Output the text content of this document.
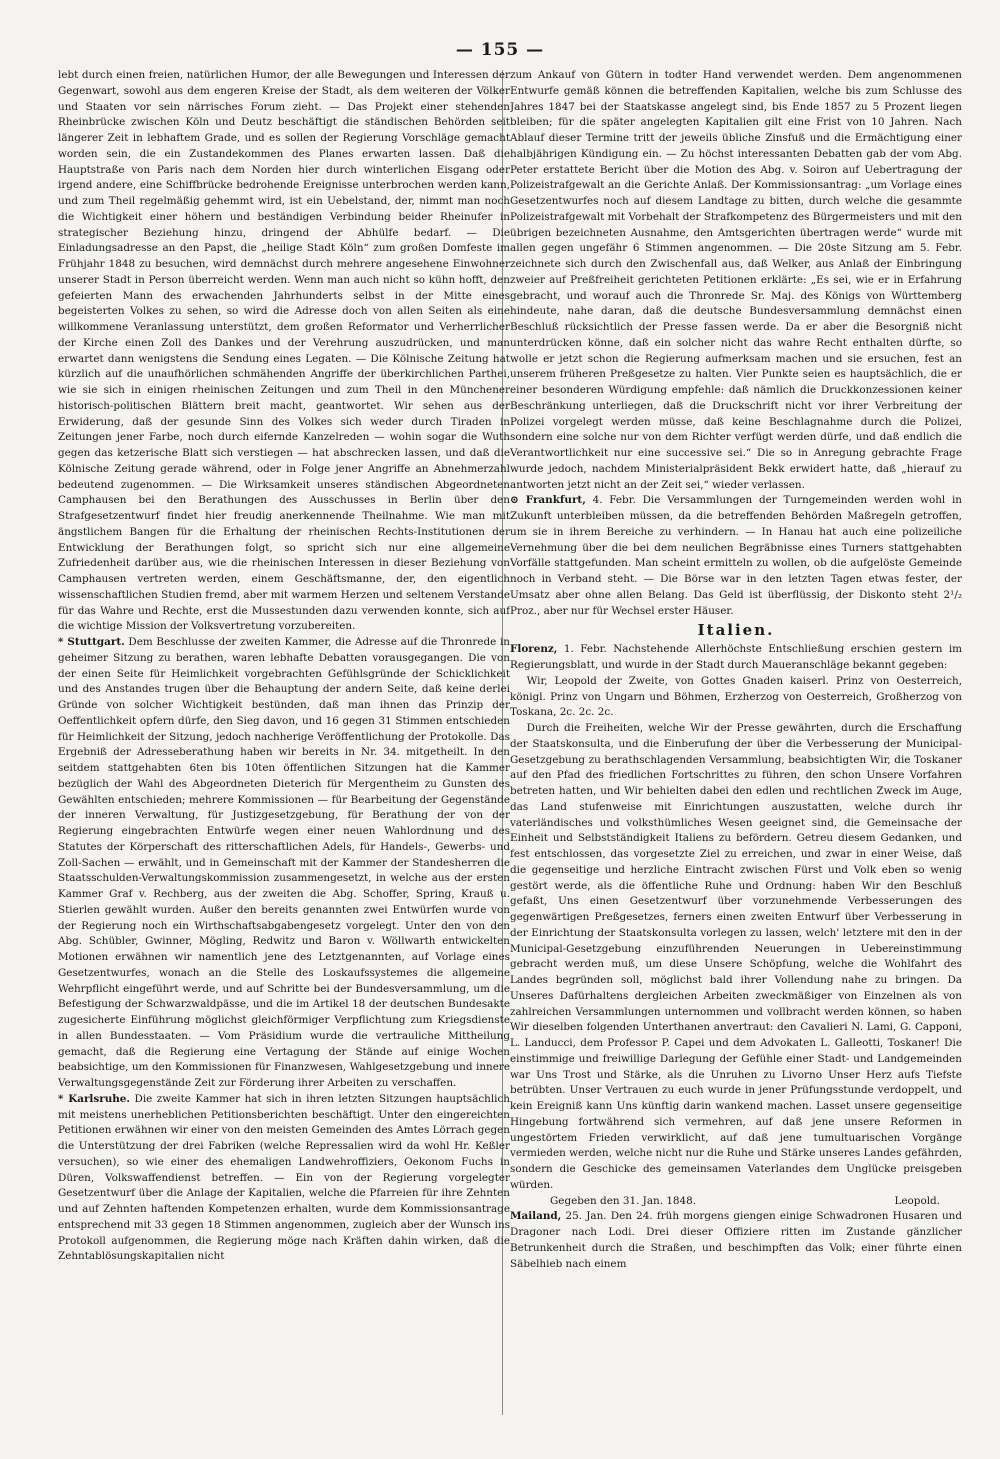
— 155 —

lebt durch einen freien, natürlichen Humor, der alle Bewegungen und Interessen der Gegenwart, sowohl aus dem engeren Kreise der Stadt, als dem weiteren der Völker und Staaten vor sein närrisches Forum zieht. — Das Projekt einer stehenden Rheinbrücke zwischen Köln und Deutz beschäftigt die ständischen Behörden seit längerer Zeit in lebhaftem Grade, und es sollen der Regierung Vorschläge gemacht worden sein, die ein Zustandekommen des Planes erwarten lassen. Daß die Hauptstraße von Paris nach dem Norden hier durch winterlichen Eisgang oder irgend andere, eine Schiffbrücke bedrohende Ereignisse unterbrochen werden kann, und zum Theil regelmäßig gehemmt wird, ist ein Uebelstand, der, nimmt man noch die Wichtigkeit einer höhern und beständigen Verbindung beider Rheinufer in strategischer Beziehung hinzu, dringend der Abhülfe bedarf. — Die Einladungsadresse an den Papst, die „heilige Stadt Köln“ zum großen Domfeste im Frühjahr 1848 zu besuchen, wird demnächst durch mehrere angesehene Einwohner unserer Stadt in Person überreicht werden. Wenn man auch nicht so kühn hofft, den gefeierten Mann des erwachenden Jahrhunderts selbst in der Mitte eines begeisterten Volkes zu sehen, so wird die Adresse doch von allen Seiten als eine willkommene Veranlassung unterstützt, dem großen Reformator und Verherrlicher der Kirche einen Zoll des Dankes und der Verehrung auszudrücken, und man erwartet dann wenigstens die Sendung eines Legaten. — Die Kölnische Zeitung hat kürzlich auf die unaufhörlichen schmähenden Angriffe der überkirchlichen Parthei, wie sie sich in einigen rheinischen Zeitungen und zum Theil in den Münchener historisch-politischen Blättern breit macht, geantwortet. Wir sehen aus der Erwiderung, daß der gesunde Sinn des Volkes sich weder durch Tiraden in Zeitungen jener Farbe, noch durch eifernde Kanzelreden — wohin sogar die Wuth gegen das ketzerische Blatt sich verstiegen — hat abschrecken lassen, und daß die Kölnische Zeitung gerade während, oder in Folge jener Angriffe an Abnehmerzahl bedeutend zugenommen. — Die Wirksamkeit unseres ständischen Abgeordneten Camphausen bei den Berathungen des Ausschusses in Berlin über den Strafgesetzentwurf findet hier freudig anerkennende Theilnahme. Wie man mit ängstlichem Bangen für die Erhaltung der rheinischen Rechts-Institutionen der Entwicklung der Berathungen folgt, so spricht sich nur eine allgemeine Zufriedenheit darüber aus, wie die rheinischen Interessen in dieser Beziehung von Camphausen vertreten werden, einem Geschäftsmanne, der, den eigentlich wissenschaftlichen Studien fremd, aber mit warmem Herzen und seltenem Verstande für das Wahre und Rechte, erst die Mussestunden dazu verwenden konnte, sich auf die wichtige Mission der Volksvertretung vorzubereiten.

* Stuttgart. Dem Beschlusse der zweiten Kammer, die Adresse auf die Thronrede in geheimer Sitzung zu berathen, waren lebhafte Debatten vorausgegangen. Die von der einen Seite für Heimlichkeit vorgebrachten Gefühlsgründe der Schicklichkeit und des Anstandes trugen über die Behauptung der andern Seite, daß keine derlei Gründe von solcher Wichtigkeit bestünden, daß man ihnen das Prinzip der Oeffentlichkeit opfern dürfe, den Sieg davon, und 16 gegen 31 Stimmen entschieden für Heimlichkeit der Sitzung, jedoch nachherige Veröffentlichung der Protokolle. Das Ergebniß der Adresseberathung haben wir bereits in Nr. 34. mitgetheilt. In den seitdem stattgehabten 6ten bis 10ten öffentlichen Sitzungen hat die Kammer bezüglich der Wahl des Abgeordneten Dieterich für Mergentheim zu Gunsten des Gewählten entschieden; mehrere Kommissionen — für Bearbeitung der Gegenstände der inneren Verwaltung, für Justizgesetzgebung, für Berathung der von der Regierung eingebrachten Entwürfe wegen einer neuen Wahlordnung und des Statutes der Körperschaft des ritterschaftlichen Adels, für Handels-, Gewerbs- und Zoll-Sachen — erwählt, und in Gemeinschaft mit der Kammer der Standesherren die Staatsschulden-Verwaltungskommission zusammengesetzt, in welche aus der ersten Kammer Graf v. Rechberg, aus der zweiten die Abg. Schoffer, Spring, Krauß u. Stierlen gewählt wurden. Außer den bereits genannten zwei Entwürfen wurde von der Regierung noch ein Wirthschaftsabgabengesetz vorgelegt. Unter den von den Abg. Schübler, Gwinner, Mögling, Redwitz und Baron v. Wöllwarth entwickelten Motionen erwähnen wir namentlich jene des Letztgenannten, auf Vorlage eines Gesetzentwurfes, wonach an die Stelle des Loskaufssystemes die allgemeine Wehrpflicht eingeführt werde, und auf Schritte bei der Bundesversammlung, um die Befestigung der Schwarzwaldpässe, und die im Artikel 18 der deutschen Bundesakte zugesicherte Einführung möglichst gleichförmiger Verpflichtung zum Kriegsdienste in allen Bundesstaaten. — Vom Präsidium wurde die vertrauliche Mittheilung gemacht, daß die Regierung eine Vertagung der Stände auf einige Wochen beabsichtige, um den Kommissionen für Finanzwesen, Wahlgesetzgebung und innere Verwaltungsgegenstände Zeit zur Förderung ihrer Arbeiten zu verschaffen.

* Karlsruhe. Die zweite Kammer hat sich in ihren letzten Sitzungen hauptsächlich mit meistens unerheblichen Petitionsberichten beschäftigt. Unter den eingereichten Petitionen erwähnen wir einer von den meisten Gemeinden des Amtes Lörrach gegen die Unterstützung der drei Fabriken (welche Repressalien wird da wohl Hr. Keßler versuchen), so wie einer des ehemaligen Landwehroffiziers, Oekonom Fuchs in Düren, Volkswaffendienst betreffen. — Ein von der Regierung vorgelegter Gesetzentwurf über die Anlage der Kapitalien, welche die Pfarreien für ihre Zehnten und auf Zehnten haftenden Kompetenzen erhalten, wurde dem Kommissionsantrage entsprechend mit 33 gegen 18 Stimmen angenommen, zugleich aber der Wunsch ins Protokoll aufgenommen, die Regierung möge nach Kräften dahin wirken, daß die Zehntablösungskapitalien nicht

zum Ankauf von Gütern in todter Hand verwendet werden. Dem angenommenen Entwurfe gemäß können die betreffenden Kapitalien, welche bis zum Schlusse des Jahres 1847 bei der Staatskasse angelegt sind, bis Ende 1857 zu 5 Prozent liegen bleiben; für die später angelegten Kapitalien gilt eine Frist von 10 Jahren. Nach Ablauf dieser Termine tritt der jeweils übliche Zinsfuß und die Ermächtigung einer halbjährigen Kündigung ein. — Zu höchst interessanten Debatten gab der vom Abg. Peter erstattete Bericht über die Motion des Abg. v. Soiron auf Uebertragung der Polizeistrafgewalt an die Gerichte Anlaß. Der Kommissionsantrag: „um Vorlage eines Gesetzentwurfes noch auf diesem Landtage zu bitten, durch welche die gesammte Polizeistrafgewalt mit Vorbehalt der Strafkompetenz des Bürgermeisters und mit den übrigen bezeichneten Ausnahme, den Amtsgerichten übertragen werde“ wurde mit allen gegen ungefähr 6 Stimmen angenommen. — Die 20ste Sitzung am 5. Febr. zeichnete sich durch den Zwischenfall aus, daß Welker, aus Anlaß der Einbringung zweier auf Preßfreiheit gerichteten Petitionen erklärte: „Es sei, wie er in Erfahrung gebracht, und worauf auch die Thronrede Sr. Maj. des Königs von Württemberg hindeute, nahe daran, daß die deutsche Bundesversammlung demnächst einen Beschluß rücksichtlich der Presse fassen werde. Da er aber die Besorgniß nicht unterdrücken könne, daß ein solcher nicht das wahre Recht enthalten dürfte, so wolle er jetzt schon die Regierung aufmerksam machen und sie ersuchen, fest an unserem früheren Preßgesetze zu halten. Vier Punkte seien es hauptsächlich, die er einer besonderen Würdigung empfehle: daß nämlich die Druckkonzessionen keiner Beschränkung unterliegen, daß die Druckschrift nicht vor ihrer Verbreitung der Polizei vorgelegt werden müsse, daß keine Beschlagnahme durch die Polizei, sondern eine solche nur von dem Richter verfügt werden dürfe, und daß endlich die Verantwortlichkeit nur eine successive sei.“ Die so in Anregung gebrachte Frage wurde jedoch, nachdem Ministerialpräsident Bekk erwidert hatte, daß „hierauf zu antworten jetzt nicht an der Zeit sei,“ wieder verlassen.

⊙ Frankfurt, 4. Febr. Die Versammlungen der Turngemeinden werden wohl in Zukunft unterbleiben müssen, da die betreffenden Behörden Maßregeln getroffen, um sie in ihrem Bereiche zu verhindern. — In Hanau hat auch eine polizeiliche Vernehmung über die bei dem neulichen Begräbnisse eines Turners stattgehabten Vorfälle stattgefunden. Man scheint ermitteln zu wollen, ob die aufgelöste Gemeinde noch in Verband steht. — Die Börse war in den letzten Tagen etwas fester, der Umsatz aber ohne allen Belang. Das Geld ist überflüssig, der Diskonto steht 2¹/₂ Proz., aber nur für Wechsel erster Häuser.

Italien.

Florenz, 1. Febr. Nachstehende Allerhöchste Entschließung erschien gestern im Regierungsblatt, und wurde in der Stadt durch Maueranschläge bekannt gegeben:

Wir, Leopold der Zweite, von Gottes Gnaden kaiserl. Prinz von Oesterreich, königl. Prinz von Ungarn und Böhmen, Erzherzog von Oesterreich, Großherzog von Toskana, 2c. 2c. 2c.

Durch die Freiheiten, welche Wir der Presse gewährten, durch die Erschaffung der Staatskonsulta, und die Einberufung der über die Verbesserung der Municipal-Gesetzgebung zu berathschlagenden Versammlung, beabsichtigten Wir, die Toskaner auf den Pfad des friedlichen Fortschrittes zu führen, den schon Unsere Vorfahren betreten hatten, und Wir behielten dabei den edlen und rechtlichen Zweck im Auge, das Land stufenweise mit Einrichtungen auszustatten, welche durch ihr vaterländisches und volksthümliches Wesen geeignet sind, die Gemeinsache der Einheit und Selbstständigkeit Italiens zu befördern. Getreu diesem Gedanken, und fest entschlossen, das vorgesetzte Ziel zu erreichen, und zwar in einer Weise, daß die gegenseitige und herzliche Eintracht zwischen Fürst und Volk eben so wenig gestört werde, als die öffentliche Ruhe und Ordnung: haben Wir den Beschluß gefaßt, Uns einen Gesetzentwurf über vorzunehmende Verbesserungen des gegenwärtigen Preßgesetzes, ferners einen zweiten Entwurf über Verbesserung in der Einrichtung der Staatskonsulta vorlegen zu lassen, welch' letztere mit den in der Municipal-Gesetzgebung einzuführenden Neuerungen in Uebereinstimmung gebracht werden muß, um diese Unsere Schöpfung, welche die Wohlfahrt des Landes begründen soll, möglichst bald ihrer Vollendung nahe zu bringen. Da Unseres Dafürhaltens dergleichen Arbeiten zweckmäßiger von Einzelnen als von zahlreichen Versammlungen unternommen und vollbracht werden können, so haben Wir dieselben folgenden Unterthanen anvertraut: den Cavalieri N. Lami, G. Capponi, L. Landucci, dem Professor P. Capei und dem Advokaten L. Galleotti, Toskaner! Die einstimmige und freiwillige Darlegung der Gefühle einer Stadt- und Landgemeinden war Uns Trost und Stärke, als die Unruhen zu Livorno Unser Herz aufs Tiefste betrübten. Unser Vertrauen zu euch wurde in jener Prüfungsstunde verdoppelt, und kein Ereigniß kann Uns künftig darin wankend machen. Lasset unsere gegenseitige Hingebung fortwährend sich vermehren, auf daß jene unsere Reformen in ungestörtem Frieden verwirklicht, auf daß jene tumultuarischen Vorgänge vermieden werden, welche nicht nur die Ruhe und Stärke unseres Landes gefährden, sondern die Geschicke des gemeinsamen Vaterlandes dem Unglücke preisgeben würden.

Gegeben den 31. Jan. 1848.	Leopold.

Mailand, 25. Jan. Den 24. früh morgens giengen einige Schwadronen Husaren und Dragoner nach Lodi. Drei dieser Offiziere ritten im Zustande gänzlicher Betrunkenheit durch die Straßen, und beschimpften das Volk; einer führte einen Säbelhieb nach einem
